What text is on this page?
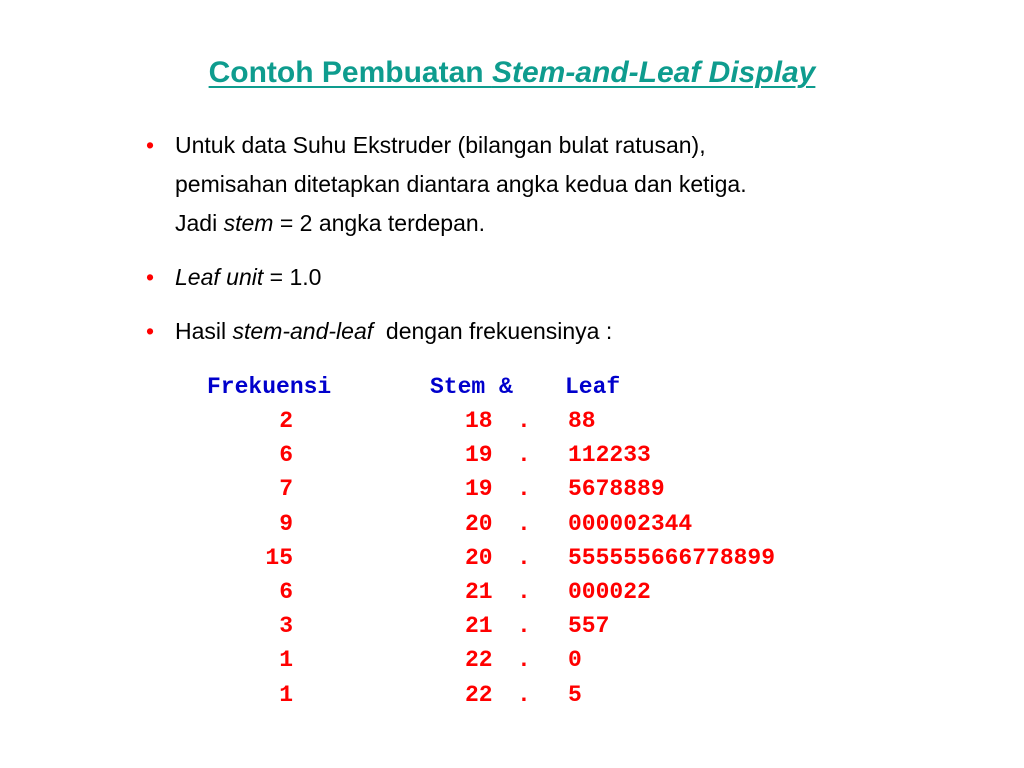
Contoh Pembuatan Stem-and-Leaf Display
• Untuk data Suhu Ekstruder (bilangan bulat ratusan),
pemisahan ditetapkan diantara angka kedua dan ketiga.
Jadi stem = 2 angka terdepan.
• Leaf unit = 1.0
• Hasil stem-and-leaf  dengan frekuensinya :
Frekuensi	Stem & Leaf
2	18 . 88
6	19 . 112233
7	19 . 5678889
9	20 . 000002344
15	20 . 555555666778899
6	21 . 000022
3	21 . 557
1	22 . 0
1	22 . 5
